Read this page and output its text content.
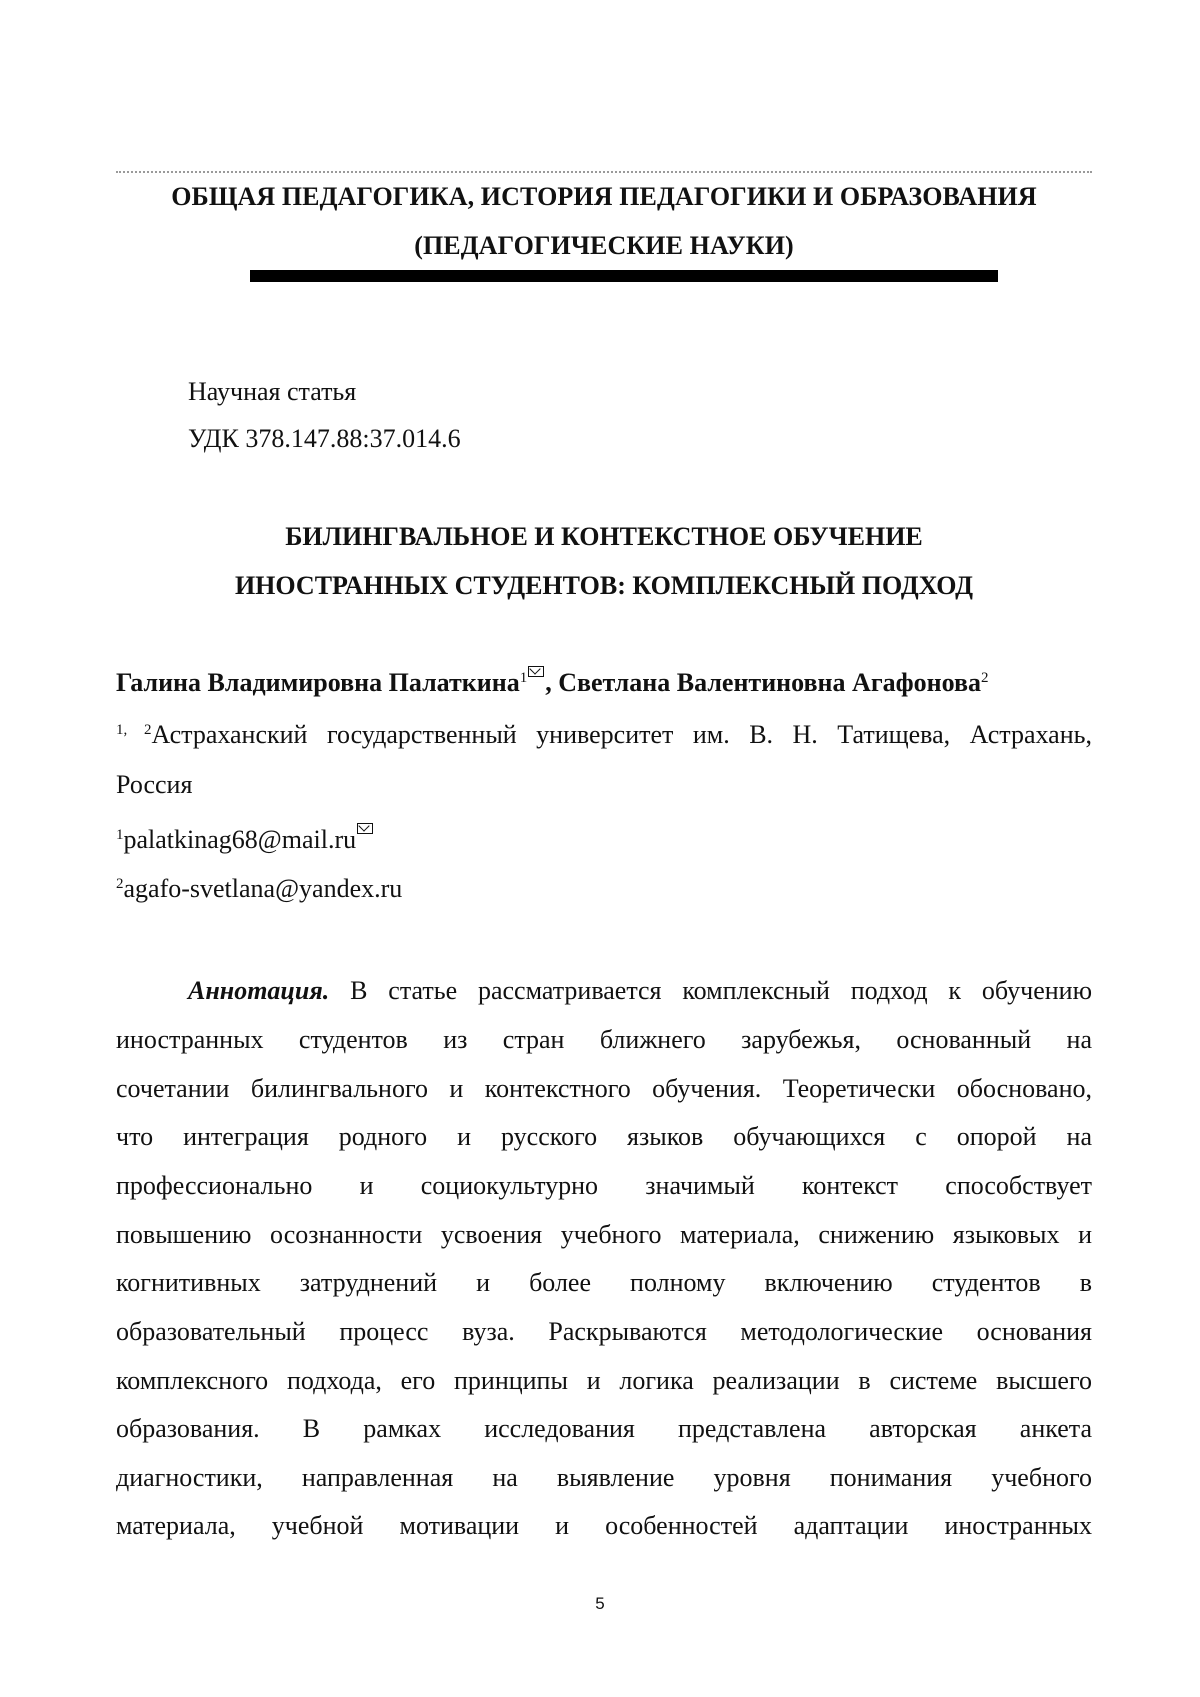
ОБЩАЯ ПЕДАГОГИКА, ИСТОРИЯ ПЕДАГОГИКИ И ОБРАЗОВАНИЯ
(ПЕДАГОГИЧЕСКИЕ НАУКИ)
Научная статья
УДК 378.147.88:37.014.6
БИЛИНГВАЛЬНОЕ И КОНТЕКСТНОЕ ОБУЧЕНИЕ
ИНОСТРАННЫХ СТУДЕНТОВ: КОМПЛЕКСНЫЙ ПОДХОД
Галина Владимировна Палаткина$^1$ , Светлана Валентиновна Агафонова$^2$
$^{1, 2}$Астраханский государственный университет им. В. Н. Татищева, Астрахань,
Россия
$^1$palatkinag68@mail.ru
$^2$agafo-svetlana@yandex.ru
Аннотация. В статье рассматривается комплексный подход к обучению
иностранных студентов из стран ближнего зарубежья, основанный на
сочетании билингвального и контекстного обучения. Теоретически обосновано,
что интеграция родного и русского языков обучающихся с опорой на
профессионально и социокультурно значимый контекст способствует
повышению осознанности усвоения учебного материала, снижению языковых и
когнитивных затруднений и более полному включению студентов в
образовательный процесс вуза. Раскрываются методологические основания
комплексного подхода, его принципы и логика реализации в системе высшего
образования. В рамках исследования представлена авторская анкета
диагностики, направленная на выявление уровня понимания учебного
материала, учебной мотивации и особенностей адаптации иностранных
5
